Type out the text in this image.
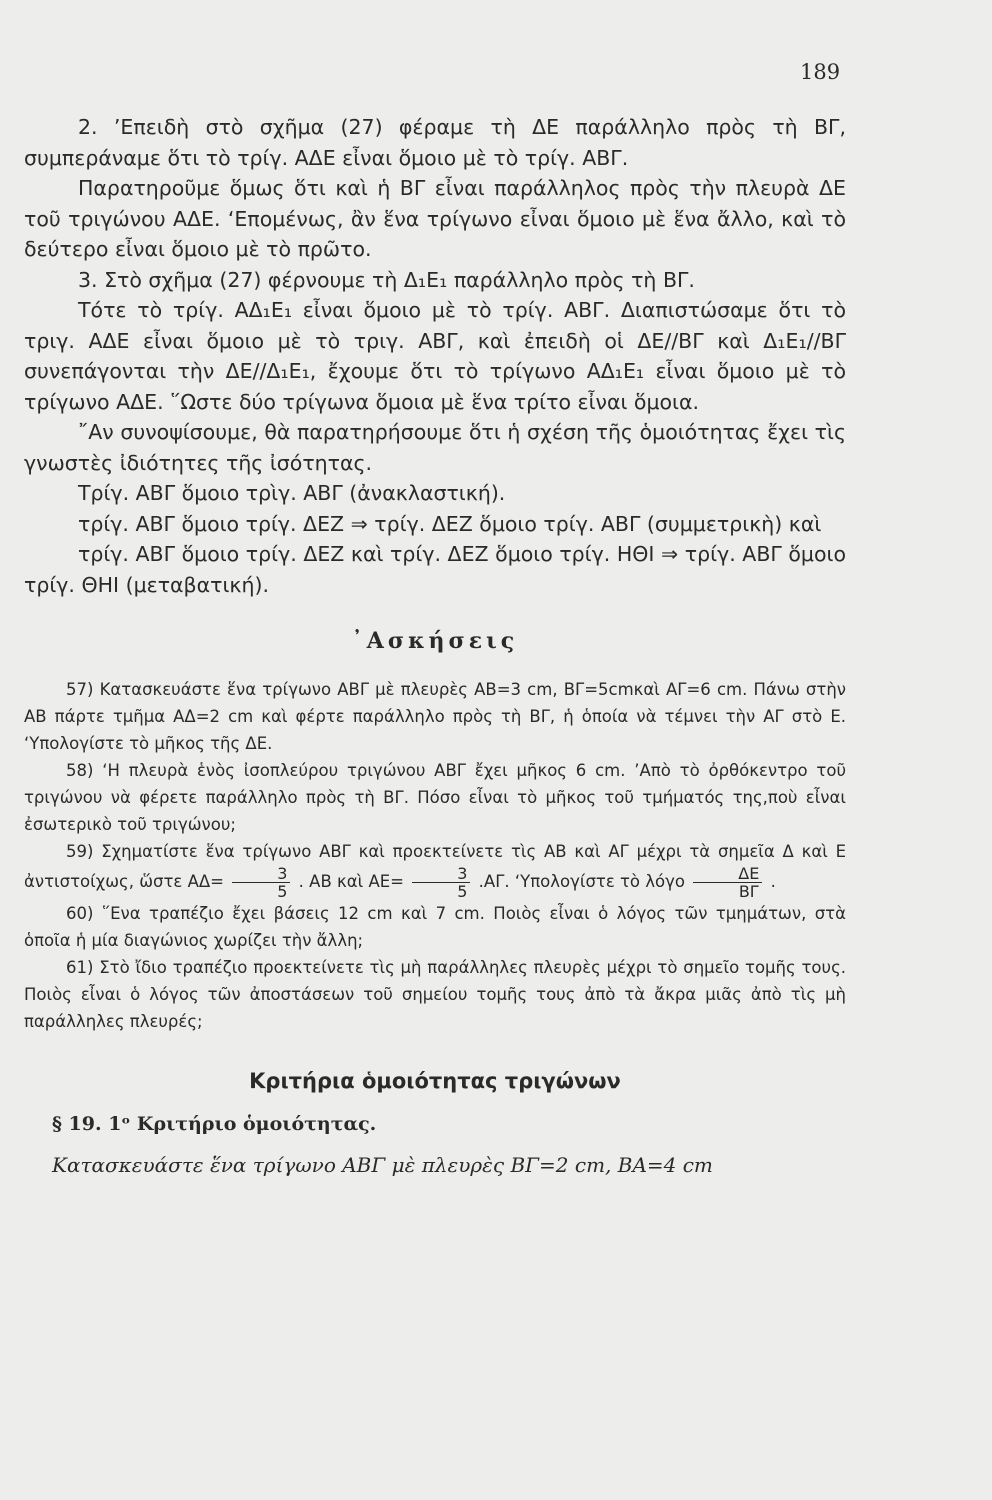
189

2. ’Επειδὴ στὸ σχῆμα (27) φέραμε τὴ ΔΕ παράλληλο πρὸς τὴ ΒΓ, συμπεράναμε ὅτι τὸ τρίγ. ΑΔΕ εἶναι ὅμοιο μὲ τὸ τρίγ. ΑΒΓ.

Παρατηροῦμε ὅμως ὅτι καὶ ἡ ΒΓ εἶναι παράλληλος πρὸς τὴν πλευρὰ ΔΕ τοῦ τριγώνου ΑΔΕ. ‘Επομένως, ἂν ἕνα τρίγωνο εἶναι ὅμοιο μὲ ἕνα ἄλλο, καὶ τὸ δεύτερο εἶναι ὅμοιο μὲ τὸ πρῶτο.

3. Στὸ σχῆμα (27) φέρνουμε τὴ Δ₁Ε₁ παράλληλο πρὸς τὴ ΒΓ.

Τότε τὸ τρίγ. ΑΔ₁Ε₁ εἶναι ὅμοιο μὲ τὸ τρίγ. ΑΒΓ. Διαπιστώσαμε ὅτι τὸ τριγ. ΑΔΕ εἶναι ὅμοιο μὲ τὸ τριγ. ΑΒΓ, καὶ ἐπειδὴ οἱ ΔΕ//ΒΓ καὶ Δ₁Ε₁//ΒΓ συνεπάγονται τὴν ΔΕ//Δ₁Ε₁, ἔχουμε ὅτι τὸ τρίγωνο ΑΔ₁Ε₁ εἶναι ὅμοιο μὲ τὸ τρίγωνο ΑΔΕ. ῞Ωστε δύο τρίγωνα ὅμοια μὲ ἕνα τρίτο εἶναι ὅμοια.

῎Αν συνοψίσουμε, θὰ παρατηρήσουμε ὅτι ἡ σχέση τῆς ὁμοιότητας ἔχει τὶς γνωστὲς ἰδιότητες τῆς ἰσότητας.

Τρίγ. ΑΒΓ ὅμοιο τρὶγ. ΑΒΓ (ἀνακλαστική).

τρίγ. ΑΒΓ ὅμοιο τρίγ. ΔΕΖ ⇒ τρίγ. ΔΕΖ ὅμοιο τρίγ. ΑΒΓ (συμμετρικὴ) καὶ

τρίγ. ΑΒΓ ὅμοιο τρίγ. ΔΕΖ καὶ τρίγ. ΔΕΖ ὅμοιο τρίγ. ΗΘΙ ⇒ τρίγ. ΑΒΓ ὅμοιο τρίγ. ΘΗΙ (μεταβατική).

᾿Ασκήσεις

57) Κατασκευάστε ἕνα τρίγωνο ΑΒΓ μὲ πλευρὲς ΑΒ=3 cm, ΒΓ=5cmκαὶ ΑΓ=6 cm. Πάνω στὴν ΑΒ πάρτε τμῆμα ΑΔ=2 cm καὶ φέρτε παράλληλο πρὸς τὴ ΒΓ, ἡ ὁποία νὰ τέμνει τὴν ΑΓ στὸ Ε. ‘Υπολογίστε τὸ μῆκος τῆς ΔΕ.

58) ‘Η πλευρὰ ἑνὸς ἰσοπλεύρου τριγώνου ΑΒΓ ἔχει μῆκος 6 cm. ’Απὸ τὸ ὀρθόκεντρο τοῦ τριγώνου νὰ φέρετε παράλληλο πρὸς τὴ ΒΓ. Πόσο εἶναι τὸ μῆκος τοῦ τμήματός της,ποὺ εἶναι ἐσωτερικὸ τοῦ τριγώνου;

59) Σχηματίστε ἕνα τρίγωνο ΑΒΓ καὶ προεκτείνετε τὶς ΑΒ καὶ ΑΓ μέχρι τὰ σημεῖα Δ καὶ Ε ἀντιστοίχως, ὥστε $A\Delta= \frac{3}{5}$ . ΑΒ καὶ $AE= \frac{3}{5} .A\Gamma$. ‘Υπολογίστε τὸ λόγο $\frac{\Delta E}{B\Gamma}$ .

60) ῞Ενα τραπέζιο ἔχει βάσεις 12 cm καὶ 7 cm. Ποιὸς εἶναι ὁ λόγος τῶν τμημάτων, στὰ ὁποῖα ἡ μία διαγώνιος χωρίζει τὴν ἄλλη;

61) Στὸ ἴδιο τραπέζιο προεκτείνετε τὶς μὴ παράλληλες πλευρὲς μέχρι τὸ σημεῖο τομῆς τους. Ποιὸς εἶναι ὁ λόγος τῶν ἀποστάσεων τοῦ σημείου τομῆς τους ἀπὸ τὰ ἄκρα μιᾶς ἀπὸ τὶς μὴ παράλληλες πλευρές;

Κριτήρια ὁμοιότητας τριγώνων
§ 19. 1ᵒ Κριτήριο ὁμοιότητας.

Κατασκευάστε ἕνα τρίγωνο ΑΒΓ μὲ πλευρὲς ΒΓ=2 cm, ΒΑ=4 cm
